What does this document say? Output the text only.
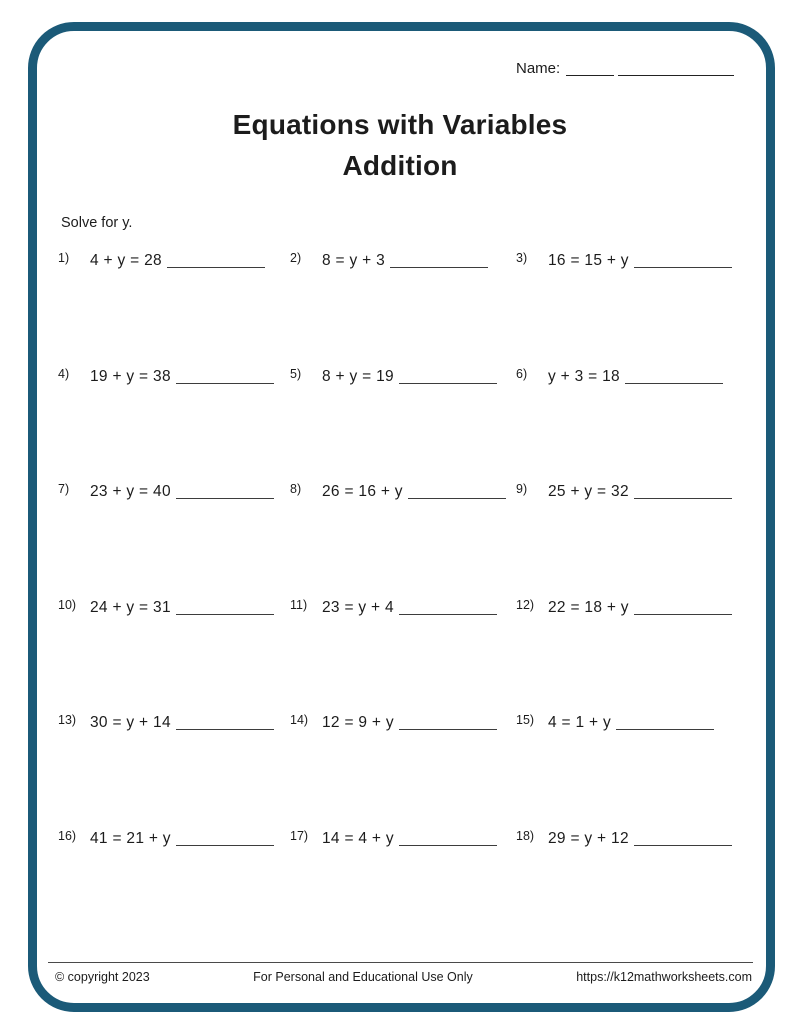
Name:
Equations with Variables
Addition
Solve for y.
1)	4 + y = 28	2)	8 = y + 3	3)	16 = 15 + y
4)	19 + y = 38	5)	8 + y = 19	6)	y + 3 = 18
7)	23 + y = 40	8)	26 = 16 + y	9)	25 + y = 32
10) 24 + y = 31	11) 23 = y + 4	12) 22 = 18 + y
13) 30 = y + 14	14) 12 = 9 + y	15) 4 = 1 + y
16) 41 = 21 + y	17) 14 = 4 + y	18) 29 = y + 12
© copyright 2023	For Personal and Educational Use Only	https://k12mathworksheets.com
